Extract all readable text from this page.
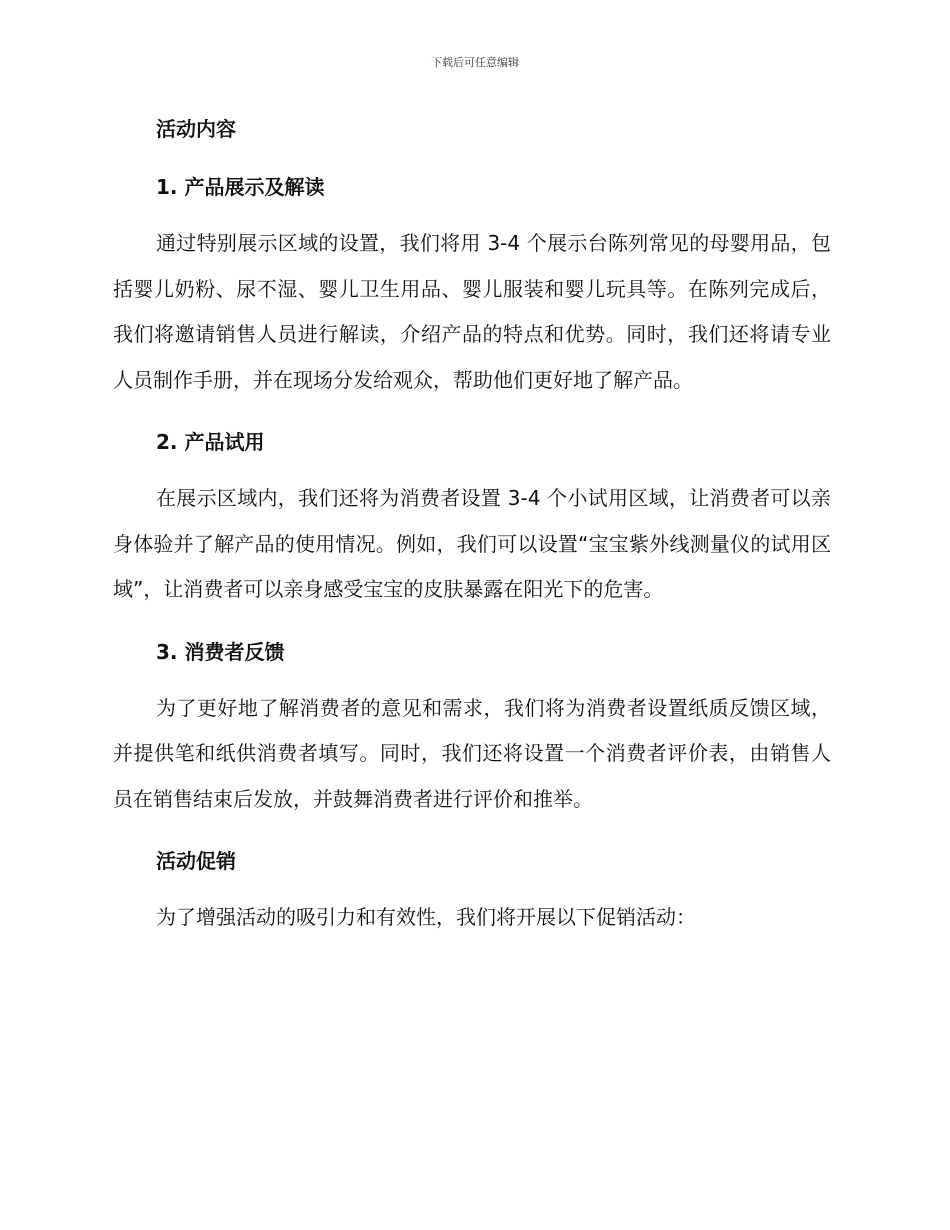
下载后可任意编辑
活动内容
1. 产品展示及解读

通过特别展示区域的设置，我们将用 3-4 个展示台陈列常见的母婴用品，包括婴儿奶粉、尿不湿、婴儿卫生用品、婴儿服装和婴儿玩具等。在陈列完成后，我们将邀请销售人员进行解读，介绍产品的特点和优势。同时，我们还将请专业人员制作手册，并在现场分发给观众，帮助他们更好地了解产品。

2. 产品试用

在展示区域内，我们还将为消费者设置 3-4 个小试用区域，让消费者可以亲身体验并了解产品的使用情况。例如，我们可以设置“宝宝紫外线测量仪的试用区域”，让消费者可以亲身感受宝宝的皮肤暴露在阳光下的危害。

3. 消费者反馈

为了更好地了解消费者的意见和需求，我们将为消费者设置纸质反馈区域，并提供笔和纸供消费者填写。同时，我们还将设置一个消费者评价表，由销售人员在销售结束后发放，并鼓舞消费者进行评价和推举。

活动促销

为了增强活动的吸引力和有效性，我们将开展以下促销活动：
